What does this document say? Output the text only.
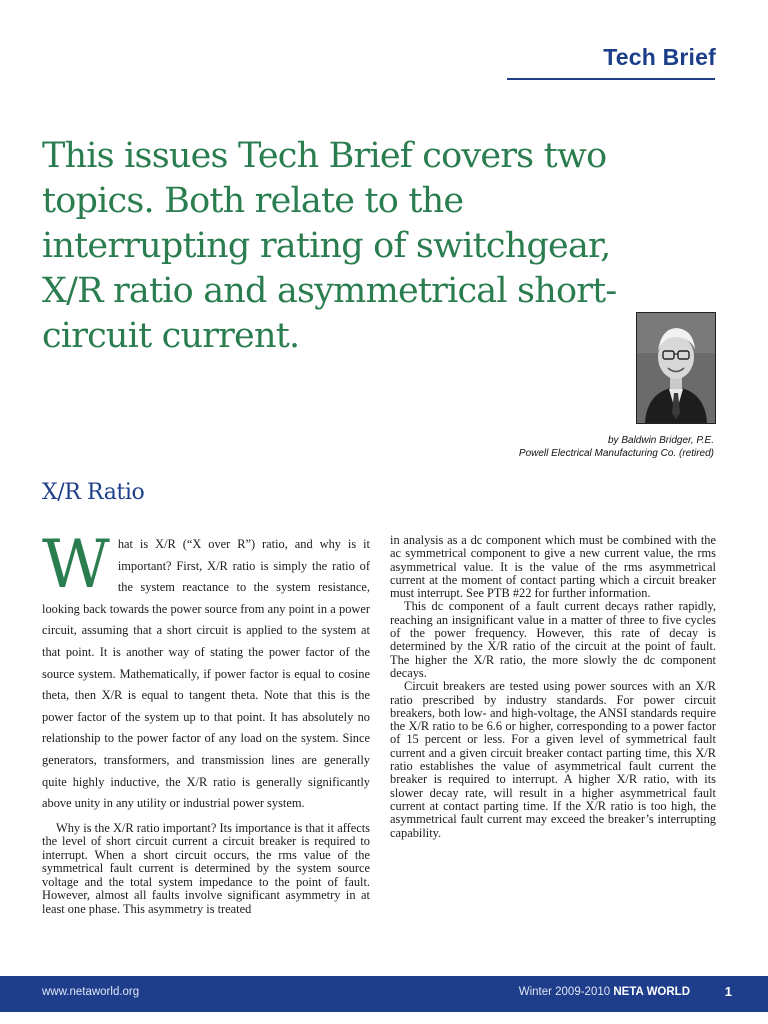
Tech Brief
This issues Tech Brief covers two topics. Both relate to the interrupting rating of switchgear, X/R ratio and asymmetrical short-circuit current.
by Baldwin Bridger, P.E.
Powell Electrical Manufacturing Co. (retired)
X/R Ratio

What is X/R (“X over R”) ratio, and why is it important? First, X/R ratio is simply the ratio of the system reactance to the system resistance, looking back towards the power source from any point in a power circuit, assuming that a short circuit is applied to the system at that point. It is another way of stating the power factor of the source system. Mathematically, if power factor is equal to cosine theta, then X/R is equal to tangent theta. Note that this is the power factor of the system up to that point. It has absolutely no relationship to the power factor of any load on the system. Since generators, transformers, and transmission lines are generally quite highly inductive, the X/R ratio is generally significantly above unity in any utility or industrial power system.

Why is the X/R ratio important? Its importance is that it affects the level of short circuit current a circuit breaker is required to interrupt. When a short circuit occurs, the rms value of the symmetrical fault current is determined by the system source voltage and the total system impedance to the point of fault. However, almost all faults involve significant asymmetry in at least one phase. This asymmetry is treated

in analysis as a dc component which must be combined with the ac symmetrical component to give a new current value, the rms asymmetrical value. It is the value of the rms asymmetrical current at the moment of contact parting which a circuit breaker must interrupt. See PTB #22 for further information.

This dc component of a fault current decays rather rapidly, reaching an insignificant value in a matter of three to five cycles of the power frequency. However, this rate of decay is determined by the X/R ratio of the circuit at the point of fault. The higher the X/R ratio, the more slowly the dc component decays.

Circuit breakers are tested using power sources with an X/R ratio prescribed by industry standards. For power circuit breakers, both low- and high-voltage, the ANSI standards require the X/R ratio to be 6.6 or higher, corresponding to a power factor of 15 percent or less. For a given level of symmetrical fault current and a given circuit breaker contact parting time, this X/R ratio establishes the value of asymmetrical fault current the breaker is required to interrupt. A higher X/R ratio, with its slower decay rate, will result in a higher asymmetrical fault current at contact parting time. If the X/R ratio is too high, the asymmetrical fault current may exceed the breaker’s interrupting capability.

www.netaworld.org	Winter 2009-2010 NETA WORLD	1
